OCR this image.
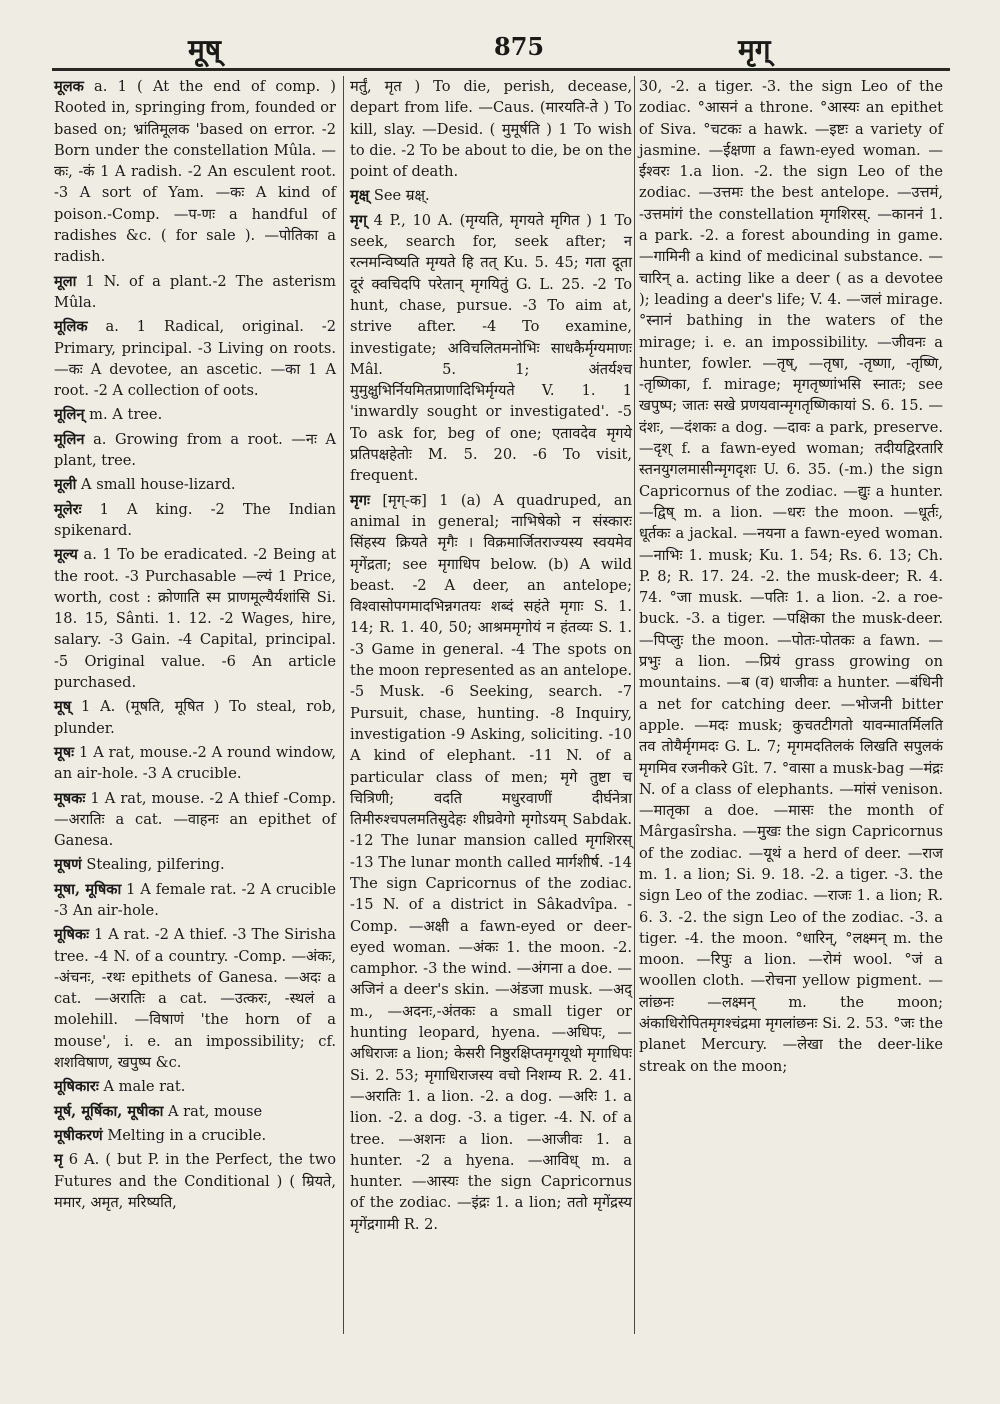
मूष्	875	मृग्

मूलक a. 1 ( At the end of comp. ) Rooted in, springing from, founded or based on; भ्रांतिमूलक 'based on error. -2 Born under the constellation Mûla. —कः, -कं 1 A radish. -2 An esculent root. -3 A sort of Yam. —कः A kind of poison.-Comp. —प-णः a handful of radishes &c. ( for sale ). —पोतिका a radish.

मूला 1 N. of a plant.-2 The asterism Mûla.

मूलिक a. 1 Radical, original. -2 Primary, principal. -3 Living on roots. —कः A devotee, an ascetic. —का 1 A root. -2 A collection of oots.

मूलिन् m. A tree.

मूलिन a. Growing from a root. —नः A plant, tree.

मूली A small house-lizard.

मूलेरः 1 A king. -2 The Indian spikenard.

मूल्य a. 1 To be eradicated. -2 Being at the root. -3 Purchasable —ल्यं 1 Price, worth, cost : क्रोणाति स्म प्राणमूल्यैर्यशांसि Si. 18. 15, Sânti. 1. 12. -2 Wages, hire, salary. -3 Gain. -4 Capital, principal. -5 Original value. -6 An article purchased.

मूष् 1 A. (मूषति, मूषित ) To steal, rob, plunder.

मूषः 1 A rat, mouse.-2 A round window, an air-hole. -3 A crucible.

मूषकः 1 A rat, mouse. -2 A thief -Comp. —अरातिः a cat. —वाहनः an epithet of Ganesa.

मूषणं Stealing, pilfering.

मूषा, मूषिका 1 A female rat. -2 A crucible -3 An air-hole.

मूषिकः 1 A rat. -2 A thief. -3 The Sirisha tree. -4 N. of a country. -Comp. —अंकः, -अंचनः, -रथः epithets of Ganesa. —अदः a cat. —अरातिः a cat. —उत्करः, -स्थलं a molehill. —विषाणं 'the horn of a mouse', i. e. an impossibility; cf. शशविषाण, खपुष्प &c.

मूषिकारः A male rat.

मूर्ष, मूर्षिका, मूषीका A rat, mouse

मूषीकरणं Melting in a crucible.

मृ 6 A. ( but P. in the Perfect, the two Futures and the Conditional ) ( म्रियते, ममार, अमृत, मरिष्यति,

मर्तुं, मृत ) To die, perish, decease, depart from life. —Caus. (मारयति-ते ) To kill, slay. —Desid. ( मुमूर्षति ) 1 To wish to die. -2 To be about to die, be on the point of death.

मृक्ष् See म्रक्ष्.

मृग् 4 P., 10 A. (मृग्यति, मृगयते मृगित ) 1 To seek, search for, seek after; न रत्नमन्विष्यति मृग्यते हि तत् Ku. 5. 45; गता दूता दूरं क्वचिदपि परेतान् मृगयितुं G. L. 25. -2 To hunt, chase, pursue. -3 To aim at, strive after. -4 To examine, investigate; अविचलितमनोभिः साधकैर्मृग्यमाणः Mâl. 5. 1; अंतर्यश्च मुमुक्षुभिर्नियमितप्राणादिभिर्मृग्यते V. 1. 1 'inwardly sought or investigated'. -5 To ask for, beg of one; एतावदेव मृगये प्रतिपक्षहेतोः M. 5. 20. -6 To visit, frequent.

मृगः [मृग्-क] 1 (a) A quadruped, an animal in general; नाभिषेको न संस्कारः सिंहस्य क्रियते मृगैः । विक्रमार्जितराज्यस्य स्वयमेव मृगेंद्रता; see मृगाधिप below. (b) A wild beast. -2 A deer, an antelope; विश्वासोपगमादभिन्नगतयः शब्दं सहंते मृगाः S. 1. 14; R. 1. 40, 50; आश्रममृगोयं न हंतव्यः S. 1. -3 Game in general. -4 The spots on the moon represented as an antelope. -5 Musk. -6 Seeking, search. -7 Pursuit, chase, hunting. -8 Inquiry, investigation -9 Asking, soliciting. -10 A kind of elephant. -11 N. of a particular class of men; मृगे तुष्टा च चित्रिणी; वदति मधुरवाणीं दीर्घनेत्रा तिमीरुश्चपलमतिसुदेहः शीघ्रवेगो मृगोऽयम् Sabdak. -12 The lunar mansion called मृगशिरस् -13 The lunar month called मार्गशीर्ष. -14 The sign Capricornus of the zodiac. -15 N. of a district in Sâkadvîpa. -Comp. —अक्षी a fawn-eyed or deer-eyed woman. —अंकः 1. the moon. -2. camphor. -3 the wind. —अंगना a doe. —अजिनं a deer's skin. —अंडजा musk. —अद् m., —अदनः,-अंतकः a small tiger or hunting leopard, hyena. —अधिपः, —अधिराजः a lion; केसरी निष्ठुरक्षिप्तमृगयूथो मृगाधिपः Si. 2. 53; मृगाधिराजस्य वचो निशम्य R. 2. 41. —अरातिः 1. a lion. -2. a dog. —अरिः 1. a lion. -2. a dog. -3. a tiger. -4. N. of a tree. —अशनः a lion. —आजीवः 1. a hunter. -2 a hyena. —आविध् m. a hunter. —आस्यः the sign Capricornus of the zodiac. —इंद्रः 1. a lion; ततो मृगेंद्रस्य मृगेंद्रगामी R. 2.

30, -2. a tiger. -3. the sign Leo of the zodiac. °आसनं a throne. °आस्यः an epithet of Siva. °चटकः a hawk. —इष्टः a variety of jasmine. —ईक्षणा a fawn-eyed woman. —ईश्वरः 1.a lion. -2. the sign Leo of the zodiac. —उत्तमः the best antelope. —उत्तमं, -उत्तमांगं the constellation मृगशिरस्. —काननं 1. a park. -2. a forest abounding in game. —गामिनी a kind of medicinal substance. —चारिन् a. acting like a deer ( as a devotee ); leading a deer's life; V. 4. —जलं mirage. °स्नानं bathing in the waters of the mirage; i. e. an impossibility. —जीवनः a hunter, fowler. —तृष्, —तृषा, -तृष्णा, -तृष्णि, -तृष्णिका, f. mirage; मृगतृष्णांभसि स्नातः; see खपुष्प; जातः सखे प्रणयवान्मृगतृष्णिकायां S. 6. 15. —दंशः, —दंशकः a dog. —दावः a park, preserve. —दृश् f. a fawn-eyed woman; तदीयद्विरतारि स्तनयुगलमासीन्मृगदृशः U. 6. 35. (-m.) the sign Capricornus of the zodiac. —द्युः a hunter. —द्विष् m. a lion. —धरः the moon. —धूर्तः, धूर्तकः a jackal. —नयना a fawn-eyed woman. —नाभिः 1. musk; Ku. 1. 54; Rs. 6. 13; Ch. P. 8; R. 17. 24. -2. the musk-deer; R. 4. 74. °जा musk. —पतिः 1. a lion. -2. a roe-buck. -3. a tiger. —पक्षिका the musk-deer. —पिप्लुः the moon. —पोतः-पोतकः a fawn. —प्रभुः a lion. —प्रियं grass growing on mountains. —ब (व) धाजीवः a hunter. —बंधिनी a net for catching deer. —भोजनी bitter apple. —मदः musk; कुचतटीगतो यावन्मातर्मिलति तव तोयैर्मृगमदः G. L. 7; मृगमदतिलकं लिखति सपुलकं मृगमिव रजनीकरे Gît. 7. °वासा a musk-bag —मंद्रः N. of a class of elephants. —मांसं venison. —मातृका a doe. —मासः the month of Mârgasîrsha. —मुखः the sign Capricornus of the zodiac. —यूथं a herd of deer. —राज m. 1. a lion; Si. 9. 18. -2. a tiger. -3. the sign Leo of the zodiac. —राजः 1. a lion; R. 6. 3. -2. the sign Leo of the zodiac. -3. a tiger. -4. the moon. °धारिन्, °लक्ष्मन् m. the moon. —रिपुः a lion. —रोमं wool. °जं a woollen cloth. —रोचना yellow pigment. —लांछनः —लक्ष्मन् m. the moon; अंकाधिरोपितमृगश्चंद्रमा मृगलांछनः Si. 2. 53. °जः the planet Mercury. —लेखा the deer-like streak on the moon;
